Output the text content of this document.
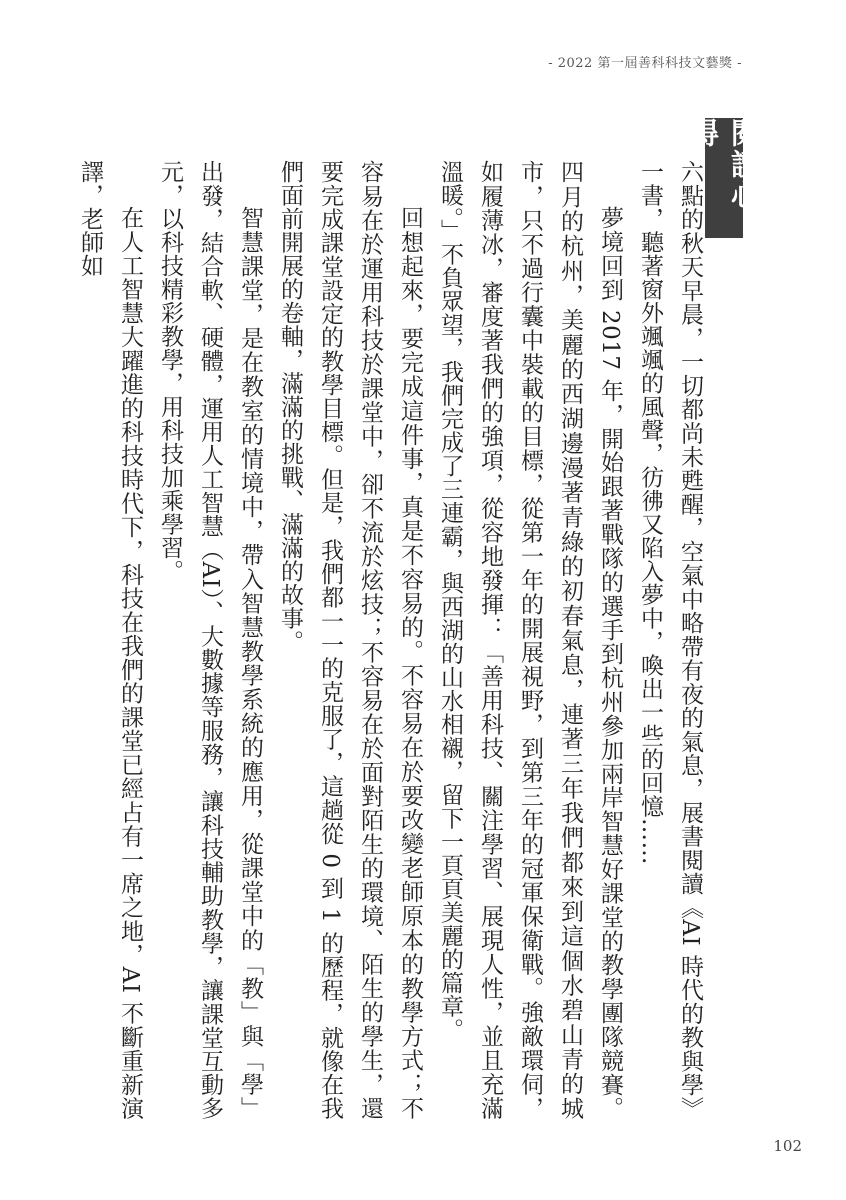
- 2022 第一屆善科科技文藝獎 -
閱讀心得

六點的秋天早晨，一切都尚未甦醒，空氣中略帶有夜的氣息，展書閱讀《AI 時代的教與學》一書，聽著窗外颯颯的風聲，彷彿又陷入夢中，喚出一些的回憶……

夢境回到 2017 年，開始跟著戰隊的選手到杭州參加兩岸智慧好課堂的教學團隊競賽。四月的杭州，美麗的西湖邊漫著青綠的初春氣息，連著三年我們都來到這個水碧山青的城市，只不過行囊中裝載的目標，從第一年的開展視野，到第三年的冠軍保衛戰。強敵環伺，如履薄冰，審度著我們的強項，從容地發揮：「善用科技、關注學習、展現人性，並且充滿溫暖。」不負眾望，我們完成了三連霸，與西湖的山水相襯，留下一頁頁美麗的篇章。

回想起來，要完成這件事，真是不容易的。不容易在於要改變老師原本的教學方式；不容易在於運用科技於課堂中，卻不流於炫技；不容易在於面對陌生的環境、陌生的學生，還要完成課堂設定的教學目標。但是，我們都一一的克服了，這趟從 0 到 1 的歷程，就像在我們面前開展的卷軸，滿滿的挑戰、滿滿的故事。

智慧課堂，是在教室的情境中，帶入智慧教學系統的應用，從課堂中的「教」與「學」出發，結合軟、硬體，運用人工智慧（AI）、大數據等服務，讓科技輔助教學，讓課堂互動多元，以科技精彩教學，用科技加乘學習。

在人工智慧大躍進的科技時代下，科技在我們的課堂已經占有一席之地，AI 不斷重新演譯，老師如

102
